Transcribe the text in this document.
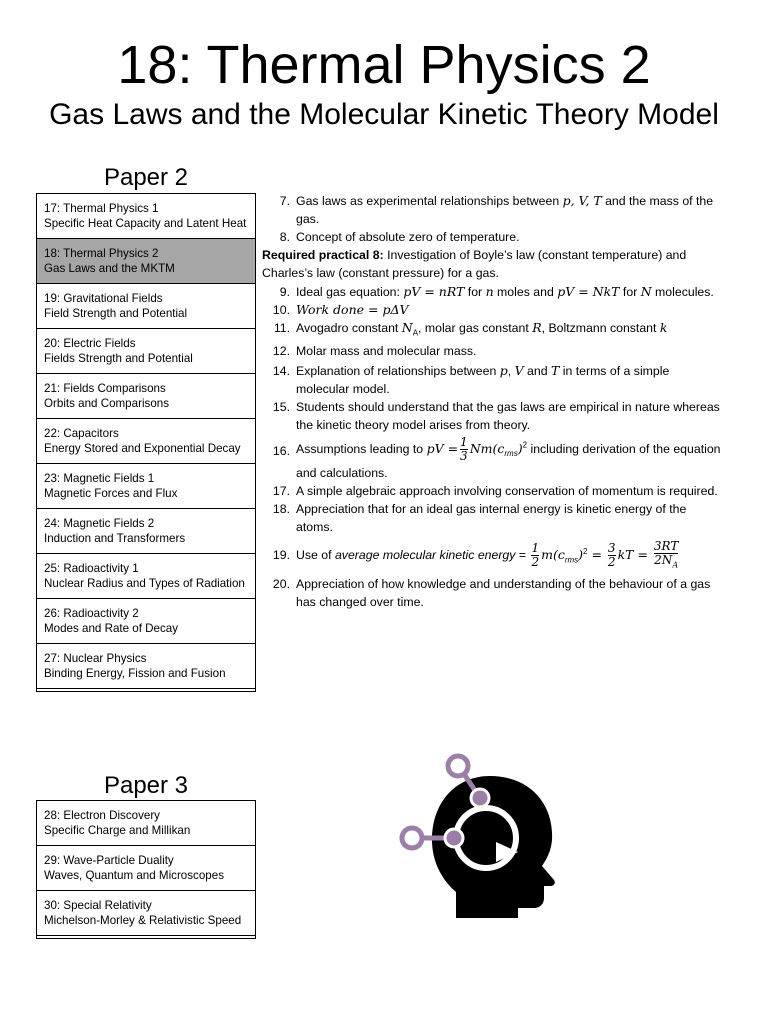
18: Thermal Physics 2
Gas Laws and the Molecular Kinetic Theory Model
Paper 2
17: Thermal Physics 1
Specific Heat Capacity and Latent Heat
18: Thermal Physics 2
Gas Laws and the MKTM
19: Gravitational Fields
Field Strength and Potential
20: Electric Fields
Fields Strength and Potential
21: Fields Comparisons
Orbits and Comparisons
22: Capacitors
Energy Stored and Exponential Decay
23: Magnetic Fields 1
Magnetic Forces and Flux
24: Magnetic Fields 2
Induction and Transformers
25: Radioactivity 1
Nuclear Radius and Types of Radiation
26: Radioactivity 2
Modes and Rate of Decay
27: Nuclear Physics
Binding Energy, Fission and Fusion
Paper 3
28: Electron Discovery
Specific Charge and Millikan
29: Wave-Particle Duality
Waves, Quantum and Microscopes
30: Special Relativity
Michelson-Morley & Relativistic Speed
7. Gas laws as experimental relationships between p, V, T and the mass of the gas.
8. Concept of absolute zero of temperature.
Required practical 8: Investigation of Boyle’s law (constant temperature) and Charles’s law (constant pressure) for a gas.
9. Ideal gas equation: pV = nRT for n moles and pV = NkT for N molecules.
10. Work done = pΔV
11. Avogadro constant $N_A$, molar gas constant R, Boltzmann constant k
12. Molar mass and molecular mass.
14. Explanation of relationships between p, V and T in terms of a simple molecular model.
15. Students should understand that the gas laws are empirical in nature whereas the kinetic theory model arises from theory.
16. Assumptions leading to pV = $\frac{1}{3} Nm(c_{rms})^2$ including derivation of the equation and calculations.
17. A simple algebraic approach involving conservation of momentum is required.
18. Appreciation that for an ideal gas internal energy is kinetic energy of the atoms.
19. Use of average molecular kinetic energy = $\frac{1}{2} m(c_{rms})^2 = \frac{3}{2}$ kT = $\frac{3RT}{2N_A}$
20. Appreciation of how knowledge and understanding of the behaviour of a gas has changed over time.
